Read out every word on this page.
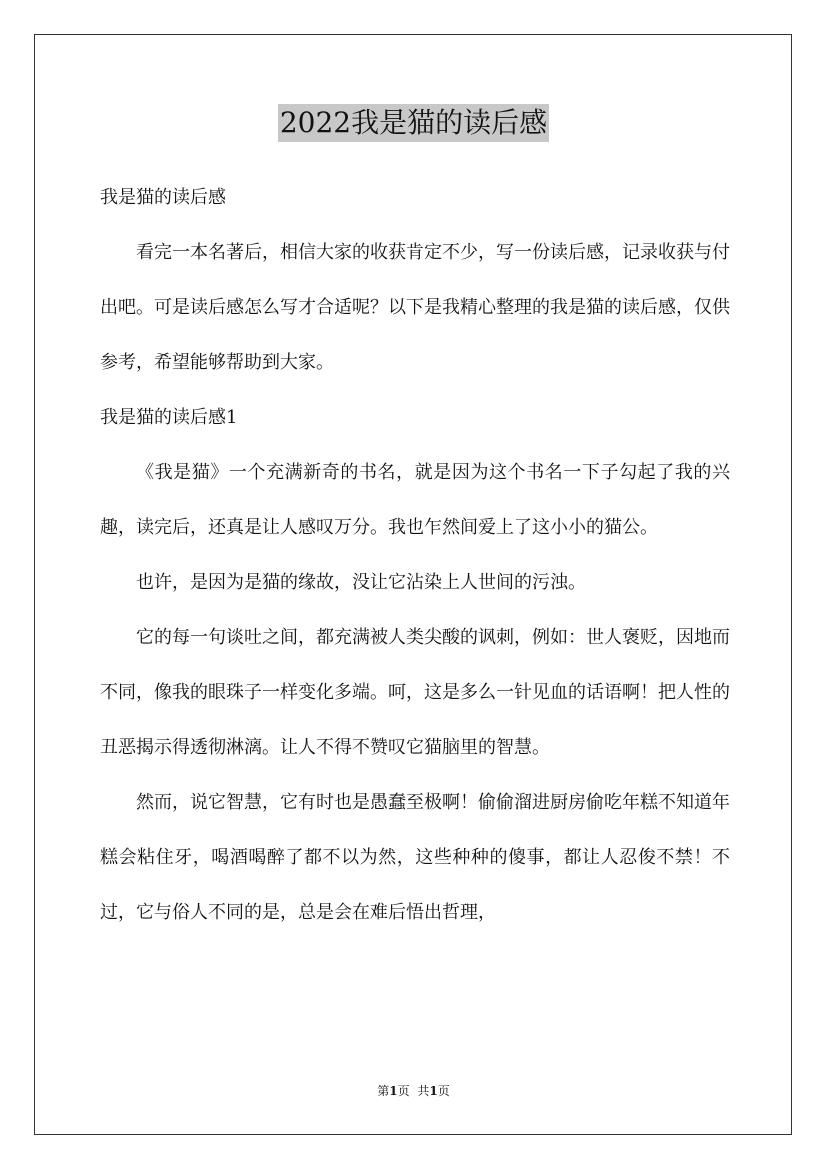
2022我是猫的读后感
我是猫的读后感

看完一本名著后，相信大家的收获肯定不少，写一份读后感，记录收获与付出吧。可是读后感怎么写才合适呢？以下是我精心整理的我是猫的读后感，仅供参考，希望能够帮助到大家。

我是猫的读后感1

《我是猫》一个充满新奇的书名，就是因为这个书名一下子勾起了我的兴趣，读完后，还真是让人感叹万分。我也乍然间爱上了这小小的猫公。

也许，是因为是猫的缘故，没让它沾染上人世间的污浊。

它的每一句谈吐之间，都充满被人类尖酸的讽刺，例如：世人褒贬，因地而不同，像我的眼珠子一样变化多端。呵，这是多么一针见血的话语啊！把人性的丑恶揭示得透彻淋漓。让人不得不赞叹它猫脑里的智慧。

然而，说它智慧，它有时也是愚蠢至极啊！偷偷溜进厨房偷吃年糕不知道年糕会粘住牙，喝酒喝醉了都不以为然，这些种种的傻事，都让人忍俊不禁！不过，它与俗人不同的是，总是会在难后悟出哲理，

第1页 共1页
